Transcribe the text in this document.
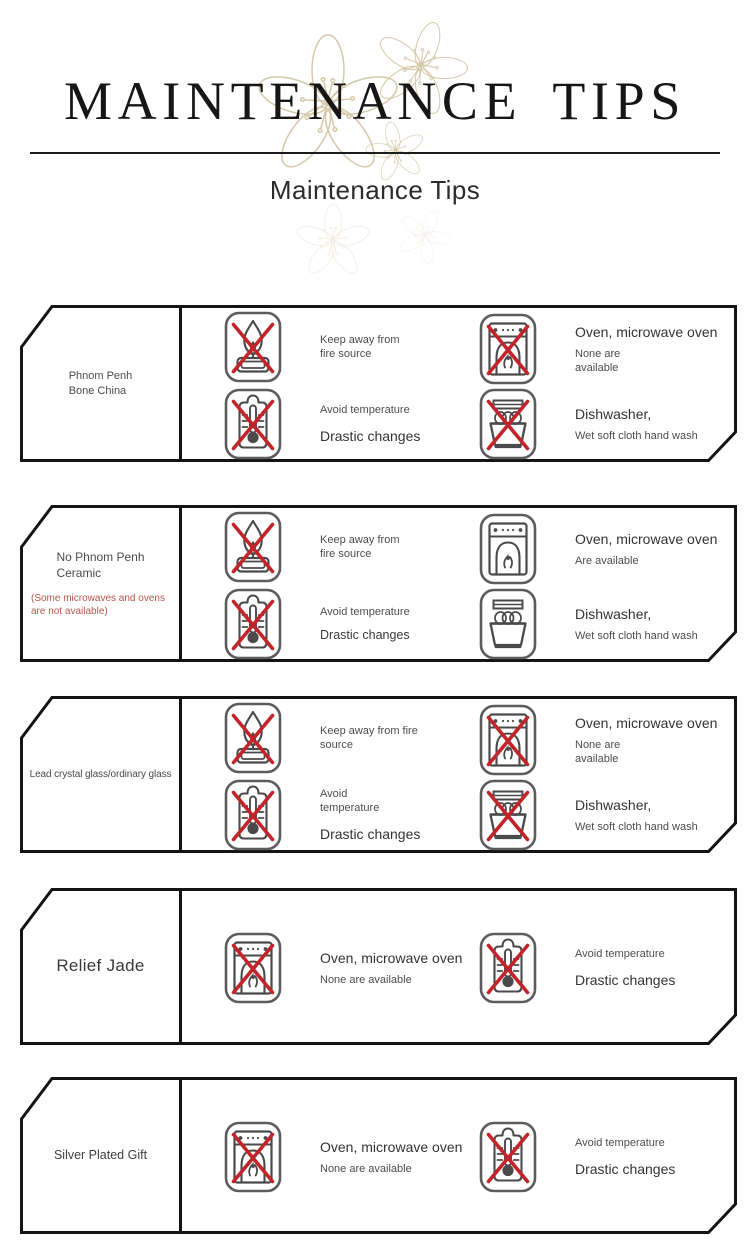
MAINTENANCE TIPS
Maintenance Tips
Phnom Penh
Bone China
Keep away from
fire source
Oven, microwave oven
None are
available
Avoid temperature
Drastic changes
Dishwasher,
Wet soft cloth hand wash
No Phnom Penh
Ceramic
(Some microwaves and ovens are not available)
Keep away from
fire source
Oven, microwave oven
Are available
Avoid temperature
Drastic changes
Dishwasher,
Wet soft cloth hand wash
Lead crystal glass/ordinary glass
Keep away from fire
source
Oven, microwave oven
None are
available
Avoid
temperature
Drastic changes
Dishwasher,
Wet soft cloth hand wash
Relief Jade	Oven, microwave oven
None are available
Avoid temperature
Drastic changes
Silver Plated Gift
Oven, microwave oven
None are available
Avoid temperature
Drastic changes
